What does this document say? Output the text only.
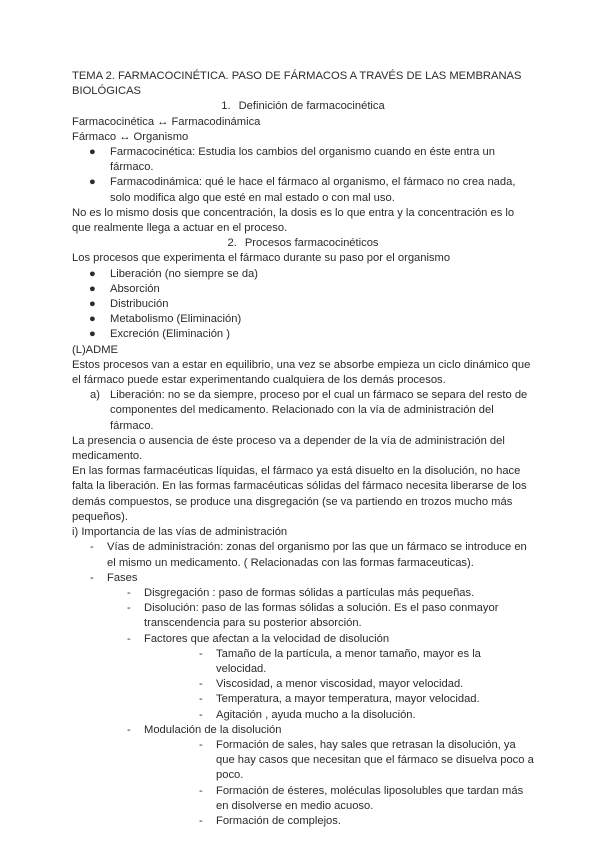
TEMA 2. FARMACOCINÉTICA. PASO DE FÁRMACOS A TRAVÉS DE LAS MEMBRANAS BIOLÓGICAS

1. Definición de farmacocinética

Farmacocinética ↔ Farmacodinámica

Fármaco ↔ Organismo

● Farmacocinética: Estudia los cambios del organismo cuando en éste entra un fármaco.
● Farmacodinámica: qué le hace el fármaco al organismo, el fármaco no crea nada, solo modifica algo que esté en mal estado o con mal uso.

No es lo mismo dosis que concentración, la dosis es lo que entra y la concentración es lo que realmente llega a actuar en el proceso.

2. Procesos farmacocinéticos

Los procesos que experimenta el fármaco durante su paso por el organismo

● Liberación (no siempre se da)
● Absorción
● Distribución
● Metabolismo (Eliminación)
● Excreción (Eliminación )

(L)ADME

Estos procesos van a estar en equilibrio, una vez se absorbe empieza un ciclo dinámico que el fármaco puede estar experimentando cualquiera de los demás procesos.

a) Liberación: no se da siempre, proceso por el cual un fármaco se separa del resto de componentes del medicamento. Relacionado con la vía de administración del fármaco.

La presencia o ausencia de éste proceso va a depender de la vía de administración del medicamento.

En las formas farmacéuticas líquidas, el fármaco ya está disuelto en la disolución, no hace falta la liberación. En las formas farmacéuticas sólidas del fármaco necesita liberarse de los demás compuestos, se produce una disgregación (se va partiendo en trozos mucho más pequeños).

i) Importancia de las vías de administración

- Vías de administración: zonas del organismo por las que un fármaco se introduce en el mismo un medicamento. ( Relacionadas con las formas farmaceuticas).
- Fases
- Disgregación : paso de formas sólidas a partículas más pequeñas.
- Disolución: paso de las formas sólidas a solución. Es el paso conmayor transcendencia para su posterior absorción.
- Factores que afectan a la velocidad de disolución
- Tamaño de la partícula, a menor tamaño, mayor es la velocidad.
- Viscosidad, a menor viscosidad, mayor velocidad.
- Temperatura, a mayor temperatura, mayor velocidad.
- Agitación , ayuda mucho a la disolución.
- Modulación de la disolución
- Formación de sales, hay sales que retrasan la disolución, ya que hay casos que necesitan que el fármaco se disuelva poco a poco.
- Formación de ésteres, moléculas liposolubles que tardan más en disolverse en medio acuoso.
- Formación de complejos.
